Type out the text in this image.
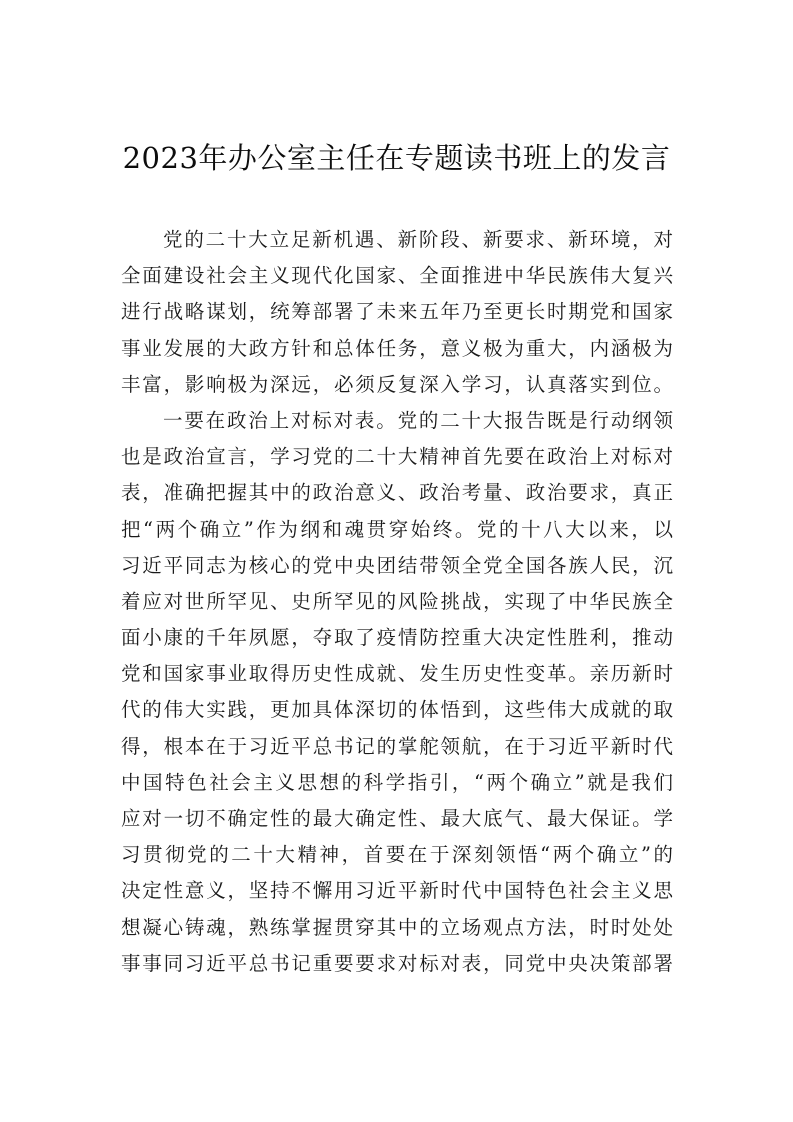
2023年办公室主任在专题读书班上的发言
党的二十大立足新机遇、新阶段、新要求、新环境，对
全面建设社会主义现代化国家、全面推进中华民族伟大复兴
进行战略谋划，统筹部署了未来五年乃至更长时期党和国家
事业发展的大政方针和总体任务，意义极为重大，内涵极为
丰富，影响极为深远，必须反复深入学习，认真落实到位。
一要在政治上对标对表。党的二十大报告既是行动纲领
也是政治宣言，学习党的二十大精神首先要在政治上对标对
表，准确把握其中的政治意义、政治考量、政治要求，真正
把“两个确立”作为纲和魂贯穿始终。党的十八大以来，以
习近平同志为核心的党中央团结带领全党全国各族人民，沉
着应对世所罕见、史所罕见的风险挑战，实现了中华民族全
面小康的千年夙愿，夺取了疫情防控重大决定性胜利，推动
党和国家事业取得历史性成就、发生历史性变革。亲历新时
代的伟大实践，更加具体深切的体悟到，这些伟大成就的取
得，根本在于习近平总书记的掌舵领航，在于习近平新时代
中国特色社会主义思想的科学指引，“两个确立”就是我们
应对一切不确定性的最大确定性、最大底气、最大保证。学
习贯彻党的二十大精神，首要在于深刻领悟“两个确立”的
决定性意义，坚持不懈用习近平新时代中国特色社会主义思
想凝心铸魂，熟练掌握贯穿其中的立场观点方法，时时处处
事事同习近平总书记重要要求对标对表，同党中央决策部署
